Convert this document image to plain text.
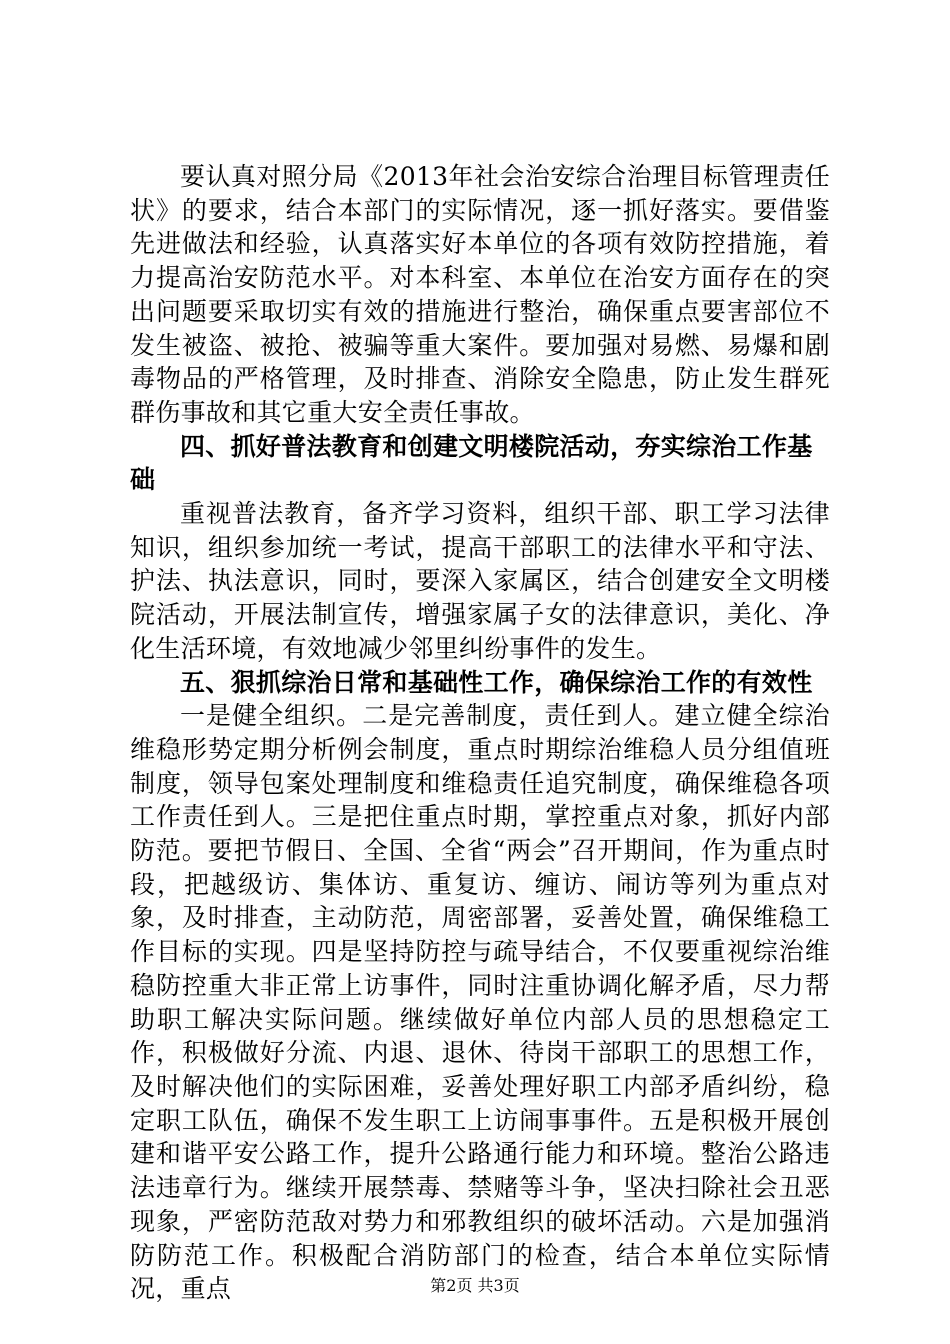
要认真对照分局《2013年社会治安综合治理目标管理责任状》的要求，结合本部门的实际情况，逐一抓好落实。要借鉴先进做法和经验，认真落实好本单位的各项有效防控措施，着力提高治安防范水平。对本科室、本单位在治安方面存在的突出问题要采取切实有效的措施进行整治，确保重点要害部位不发生被盗、被抢、被骗等重大案件。要加强对易燃、易爆和剧毒物品的严格管理，及时排查、消除安全隐患，防止发生群死群伤事故和其它重大安全责任事故。

四、抓好普法教育和创建文明楼院活动，夯实综治工作基础

重视普法教育，备齐学习资料，组织干部、职工学习法律知识，组织参加统一考试，提高干部职工的法律水平和守法、护法、执法意识，同时，要深入家属区，结合创建安全文明楼院活动，开展法制宣传，增强家属子女的法律意识，美化、净化生活环境，有效地减少邻里纠纷事件的发生。

五、狠抓综治日常和基础性工作，确保综治工作的有效性

一是健全组织。二是完善制度，责任到人。建立健全综治维稳形势定期分析例会制度，重点时期综治维稳人员分组值班制度，领导包案处理制度和维稳责任追究制度，确保维稳各项工作责任到人。三是把住重点时期，掌控重点对象，抓好内部防范。要把节假日、全国、全省“两会”召开期间，作为重点时段，把越级访、集体访、重复访、缠访、闹访等列为重点对象，及时排查，主动防范，周密部署，妥善处置，确保维稳工作目标的实现。四是坚持防控与疏导结合，不仅要重视综治维稳防控重大非正常上访事件，同时注重协调化解矛盾，尽力帮助职工解决实际问题。继续做好单位内部人员的思想稳定工作，积极做好分流、内退、退休、待岗干部职工的思想工作，及时解决他们的实际困难，妥善处理好职工内部矛盾纠纷，稳定职工队伍，确保不发生职工上访闹事事件。五是积极开展创建和谐平安公路工作，提升公路通行能力和环境。整治公路违法违章行为。继续开展禁毒、禁赌等斗争，坚决扫除社会丑恶现象，严密防范敌对势力和邪教组织的破坏活动。六是加强消防防范工作。积极配合消防部门的检查，结合本单位实际情况，重点	第2页 共3页
